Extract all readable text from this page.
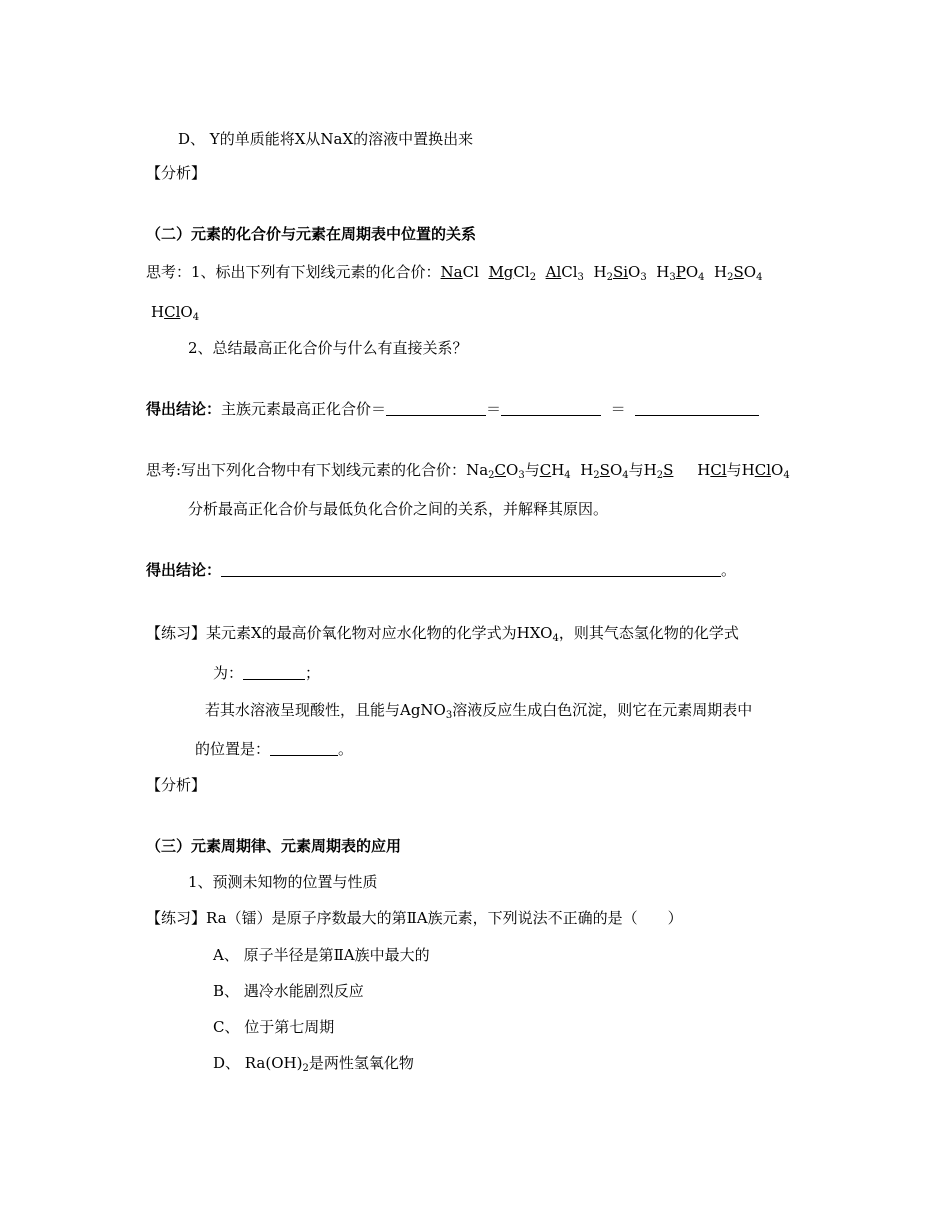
D、 Y的单质能将X从NaX的溶液中置换出来
【分析】
（二）元素的化合价与元素在周期表中位置的关系
思考：1、标出下列有下划线元素的化合价：NaCl MgCl$_2$ AlCl$_3$ $H_2SiO_3$ $H_3PO_4$ $H_2SO_4$
HClO$_4$
2、总结最高正化合价与什么有直接关系？
得出结论：主族元素最高正化合价＝	＝	＝
思考:写出下列化合物中有下划线元素的化合价：$Na_2CO_3$与$CH_4$ $H_2SO_4$与$H_2S$ HCl与HClO$_4$
分析最高正化合价与最低负化合价之间的关系，并解释其原因。
得出结论：	。
【练习】某元素X的最高价氧化物对应水化物的化学式为$HXO_4$，则其气态氢化物的化学式
为：	；
若其水溶液呈现酸性，且能与AgNO$_3$溶液反应生成白色沉淀，则它在元素周期表中
的位置是：	。
【分析】
（三）元素周期律、元素周期表的应用
1、预测未知物的位置与性质
【练习】Ra（镭）是原子序数最大的第ⅡA族元素，下列说法不正确的是（　　）
A、 原子半径是第ⅡA族中最大的
B、 遇冷水能剧烈反应
C、 位于第七周期
D、 $Ra(OH)_2$是两性氢氧化物
